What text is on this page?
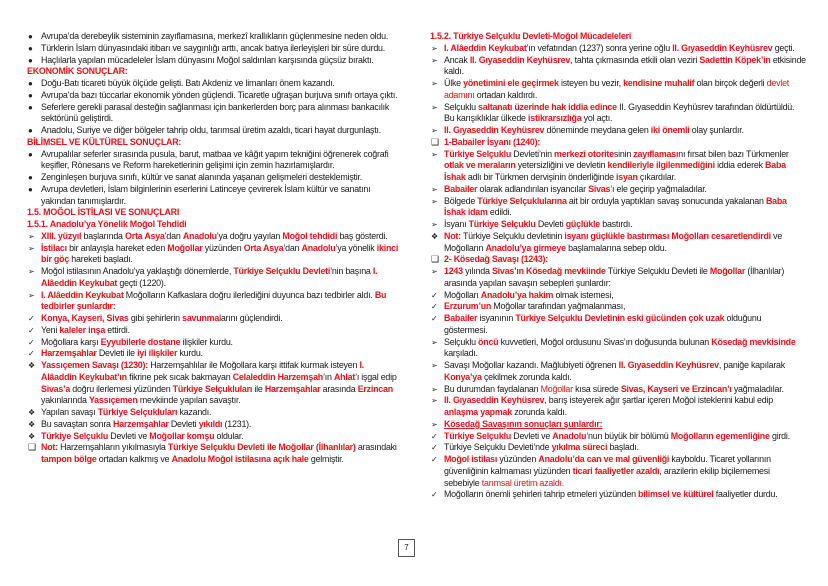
● Avrupa’da derebeylik sisteminin zayıflamasına, merkezî krallıkların güçlenmesine neden oldu.
● Türklerin İslam dünyasındaki itibarı ve saygınlığı arttı, ancak batıya ilerleyişleri bir süre durdu.
● Haçlılarla yapılan mücadeleler İslam dünyasını Moğol saldırıları karşısında güçsüz bıraktı.
EKONOMİK SONUÇLAR:
● Doğu-Batı ticareti büyük ölçüde gelişti. Batı Akdeniz ve limanları önem kazandı.
● Avrupa’da bazı tüccarlar ekonomik yönden güçlendi. Ticaretle uğraşan burjuva sınıfı ortaya çıktı.
● Seferlere gerekli parasal desteğin sağlanması için bankerlerden borç para alınması bankacılık sektörünü geliştirdi.
● Anadolu, Suriye ve diğer bölgeler tahrip oldu, tarımsal üretim azaldı, ticari hayat durgunlaştı.
BİLİMSEL VE KÜLTÜREL SONUÇLAR:
● Avrupalılar seferler sırasında pusula, barut, matbaa ve kâğıt yapım tekniğini öğrenerek coğrafi keşifler, Rönesans ve Reform hareketlerinin gelişimi için zemin hazırlamışlardır.
● Zenginleşen burjuva sınıfı, kültür ve sanat alanında yaşanan gelişmeleri desteklemiştir.
● Avrupa devletleri, İslam bilginlerinin eserlerini Latinceye çevirerek İslam kültür ve sanatını yakından tanımışlardır.
1.5. MOĞOL İSTİLASI VE SONUÇLARI
1.5.1. Anadolu’ya Yönelik Moğol Tehdidi
➢ XIII. yüzyıl başlarında Orta Asya’dan Anadolu’ya doğru yayılan Moğol tehdidi baş gösterdi.
➢ İstilacı bir anlayışla hareket eden Moğollar yüzünden Orta Asya’dan Anadolu’ya yönelik ikinci bir göç hareketi başladı.
➢ Moğol istilasının Anadolu’ya yaklaştığı dönemlerde, Türkiye Selçuklu Devleti’nin başına I. Alâeddin Keykubat geçti (1220).
➢ I. Alâeddin Keykubat Moğolların Kafkaslara doğru ilerlediğini duyunca bazı tedbirler aldı. Bu tedbirler şunlardır:
✓ Konya, Kayseri, Sivas gibi şehirlerin savunmalarını güçlendirdi.
✓ Yeni kaleler inşa ettirdi.
✓ Moğollara karşı Eyyubilerle dostane ilişkiler kurdu.
✓ Harzemşahlar Devleti ile iyi ilişkiler kurdu.
❖ Yassıçemen Savaşı (1230): Harzemşahlılar ile Moğollara karşı ittifak kurmak isteyen I. Alâaddin Keykubat’ın fikrine pek sıcak bakmayan Celaleddin Harzemşah’ın Ahlat’ı işgal edip Sivas’a doğru ilerlemesi yüzünden Türkiye Selçukluları ile Harzemşahlar arasında Erzincan yakınlarında Yassıçemen mevkiinde yapılan savaştır.
❖ Yapılan savaşı Türkiye Selçukluları kazandı.
❖ Bu savaştan sonra Harzemşahlar Devleti yıkıldı (1231).
❖ Türkiye Selçuklu Devleti ve Moğollar komşu oldular.
❑ Not: Harzemşahların yıkılmasıyla Türkiye Selçuklu Devleti ile Moğollar (İlhanlılar) arasındaki tampon bölge ortadan kalkmış ve Anadolu Moğol istilasına açık hale gelmiştir.
1.5.2. Türkiye Selçuklu Devleti-Moğol Mücadeleleri
➢ I. Alâeddin Keykubat’ın vefatından (1237) sonra yerine oğlu II. Gıyaseddin Keyhüsrev geçti.
➢ Ancak II. Gıyaseddin Keyhüsrev, tahta çıkmasında etkili olan veziri Sadettin Köpek’in etkisinde kaldı.
➢ Ülke yönetimini ele geçirmek isteyen bu vezir, kendisine muhalif olan birçok değerli devlet adamını ortadan kaldırdı.
➢ Selçuklu saltanatı üzerinde hak iddia edince II. Gıyaseddin Keyhüsrev tarafından öldürtüldü. Bu karışıklıklar ülkede istikrarsızlığa yol açtı.
➢ II. Gıyaseddin Keyhüsrev döneminde meydana gelen iki önemli olay şunlardır.
❑ 1-Babailer İsyanı (1240):
➢ Türkiye Selçuklu Devleti’nin merkezî otoritesinin zayıflamasını fırsat bilen bazı Türkmenler otlak ve meraların yetersizliğini ve devletin kendileriyle ilgilenmediğini iddia ederek Baba İshak adlı bir Türkmen dervişinin önderliğinde isyan çıkardılar.
➢ Babailer olarak adlandırılan isyancılar Sivas’ı ele geçirip yağmaladılar.
➢ Bölgede Türkiye Selçuklularına ait bir orduyla yaptıkları savaş sonucunda yakalanan Baba İshak idam edildi.
➢ İsyanı Türkiye Selçuklu Devleti güçlükle bastırdı.
❖ Not: Türkiye Selçuklu devletinin isyanı güçlükle bastırması Moğolları cesaretlendirdi ve Moğolların Anadolu’ya girmeye başlamalarına sebep oldu.
❑ 2- Kösedağ Savaşı (1243):
➢ 1243 yılında Sivas’ın Kösedağ mevkiinde Türkiye Selçuklu Devleti ile Moğollar (İlhanlılar) arasında yapılan savaşın sebepleri şunlardır:
✓ Moğolları Anadolu’ya hakim olmak istemesi,
✓ Erzurum’un Moğollar tarafından yağmalanması,
✓ Babailer isyanının Türkiye Selçuklu Devletinin eski gücünden çok uzak olduğunu göstermesi.
➢ Selçuklu öncü kuvvetleri, Moğol ordusunu Sivas’ın doğusunda bulunan Kösedağ mevkisinde karşıladı.
➢ Savaşı Moğollar kazandı. Mağlubiyeti öğrenen II. Gıyaseddin Keyhüsrev, paniğe kapılarak Konya’ya çekilmek zorunda kaldı.
➢ Bu durumdan faydalanan Moğollar kısa sürede Sivas, Kayseri ve Erzincan’ı yağmaladılar.
➢ II. Gıyaseddin Keyhüsrev, barış isteyerek ağır şartlar içeren Moğol isteklerini kabul edip anlaşma yapmak zorunda kaldı.
➢ Kösedağ Savaşının sonuçları şunlardır:
✓ Türkiye Selçuklu Devleti ve Anadolu’nun büyük bir bölümü Moğolların egemenliğine girdi.
✓ Türkiye Selçuklu Devleti’nde yıkılma süreci başladı.
✓ Moğol istilası yüzünden Anadolu’da can ve mal güvenliği kayboldu. Ticaret yollarının güvenliğinin kalmaması yüzünden ticari faaliyetler azaldı, arazilerin ekilip biçilememesi sebebiyle tarımsal üretim azaldı.
✓ Moğolların önemli şehirleri tahrip etmeleri yüzünden bilimsel ve kültürel faaliyetler durdu.
7
